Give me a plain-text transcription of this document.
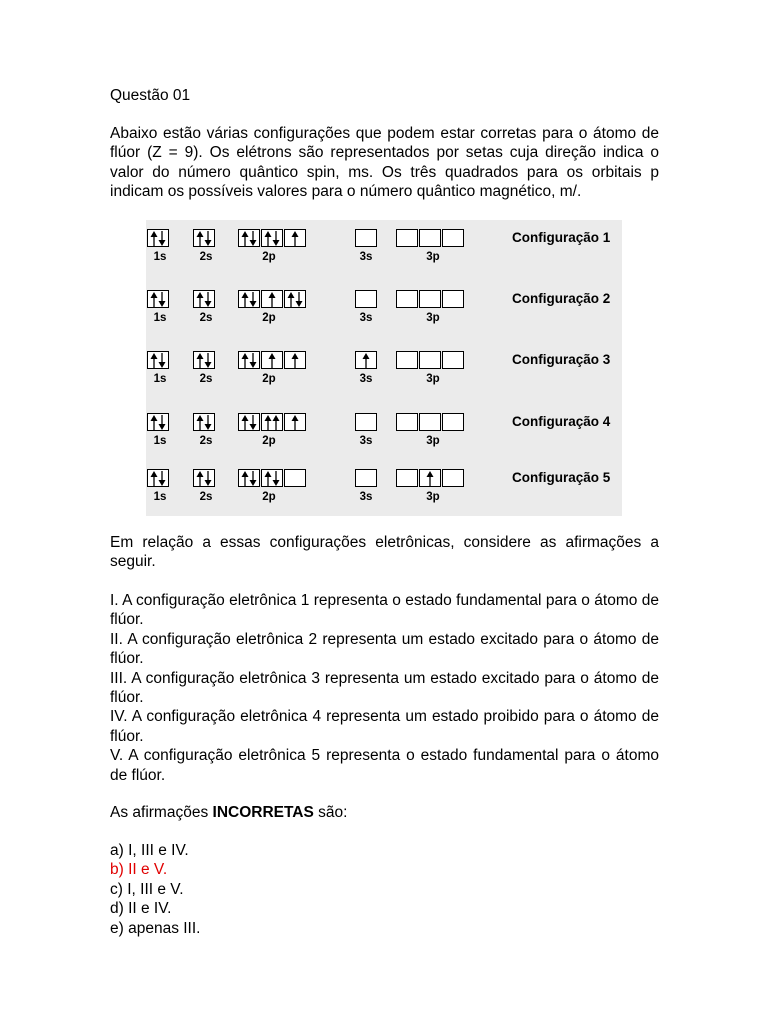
Questão 01

Abaixo estão várias configurações que podem estar corretas para o átomo de flúor (Z = 9). Os elétrons são representados por setas cuja direção indica o valor do número quântico spin, ms. Os três quadrados para os orbitais p indicam os possíveis valores para o número quântico magnético, m/.

1s	2s	2p	3s	3p
Configuração 1
1s	2s	2p	3s	3p
Configuração 2
1s	2s	2p	3s	3p
Configuração 3
1s	2s	2p	3s	3p
Configuração 4
1s	2s	2p	3s	3p
Configuração 5

Em relação a essas configurações eletrônicas, considere as afirmações a seguir.

I. A configuração eletrônica 1 representa o estado fundamental para o átomo de flúor.

II. A configuração eletrônica 2 representa um estado excitado para o átomo de flúor.

III. A configuração eletrônica 3 representa um estado excitado para o átomo de flúor.

IV. A configuração eletrônica 4 representa um estado proibido para o átomo de flúor.

V. A configuração eletrônica 5 representa o estado fundamental para o átomo de flúor.

As afirmações INCORRETAS são:
a) I, III e IV.
b) II e V.
c) I, III e V.
d) II e IV.
e) apenas III.
